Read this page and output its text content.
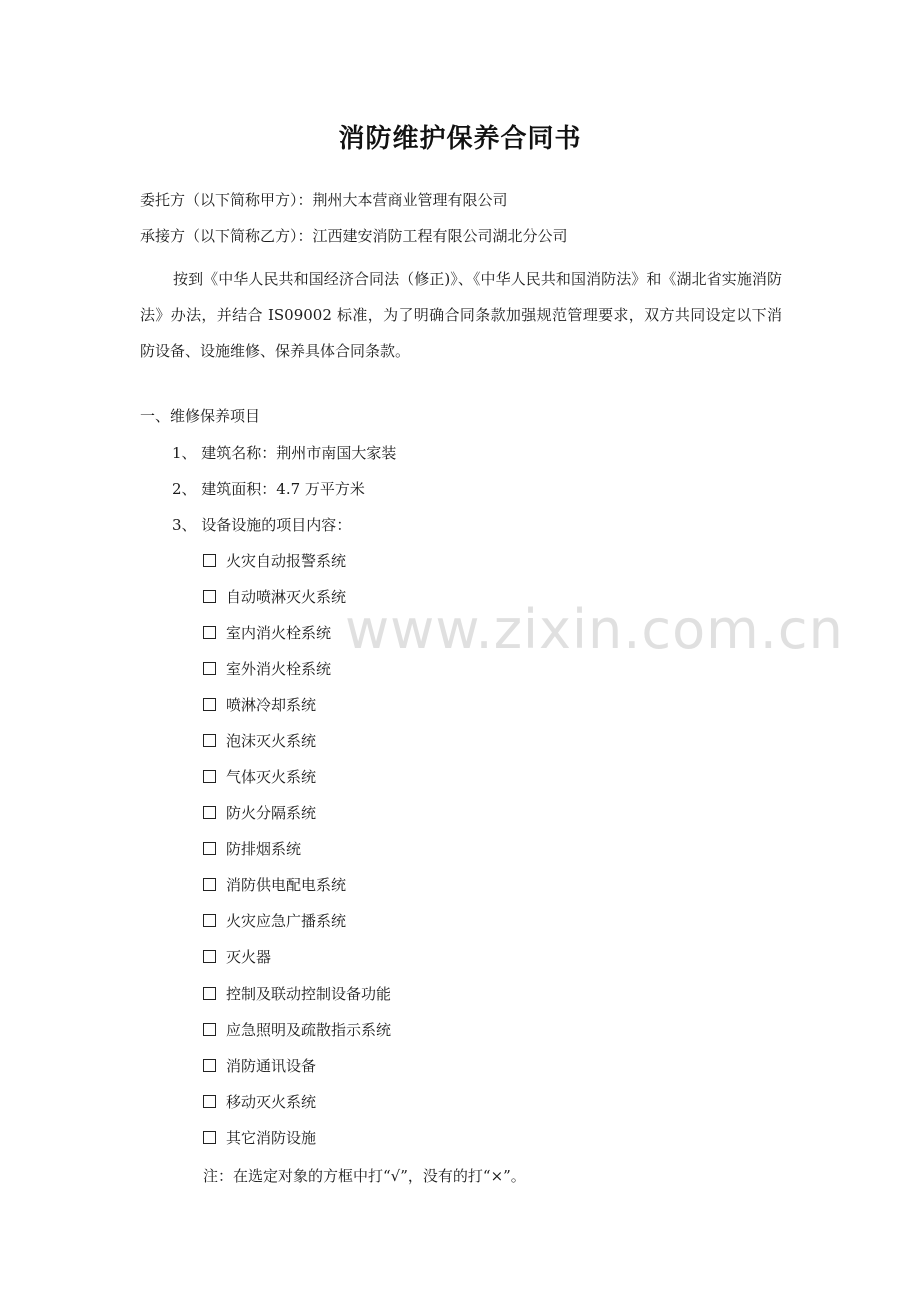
消防维护保养合同书
委托方（以下简称甲方）：荆州大本营商业管理有限公司
承接方（以下简称乙方）：江西建安消防工程有限公司湖北分公司
按到《中华人民共和国经济合同法（修正)》、《中华人民共和国消防法》和《湖北省实施消防法》办法，并结合 IS09002 标准，为了明确合同条款加强规范管理要求，双方共同设定以下消防设备、设施维修、保养具体合同条款。
一、维修保养项目
1、 建筑名称：荆州市南国大家装
2、 建筑面积：4.7 万平方米
3、 设备设施的项目内容：
火灾自动报警系统
自动喷淋灭火系统
室内消火栓系统
室外消火栓系统
喷淋冷却系统
泡沫灭火系统
气体灭火系统
防火分隔系统
防排烟系统
消防供电配电系统
火灾应急广播系统
灭火器
控制及联动控制设备功能
应急照明及疏散指示系统
消防通讯设备
移动灭火系统
其它消防设施
注：在选定对象的方框中打“√”，没有的打“×”。
www.zixin.com.cn
